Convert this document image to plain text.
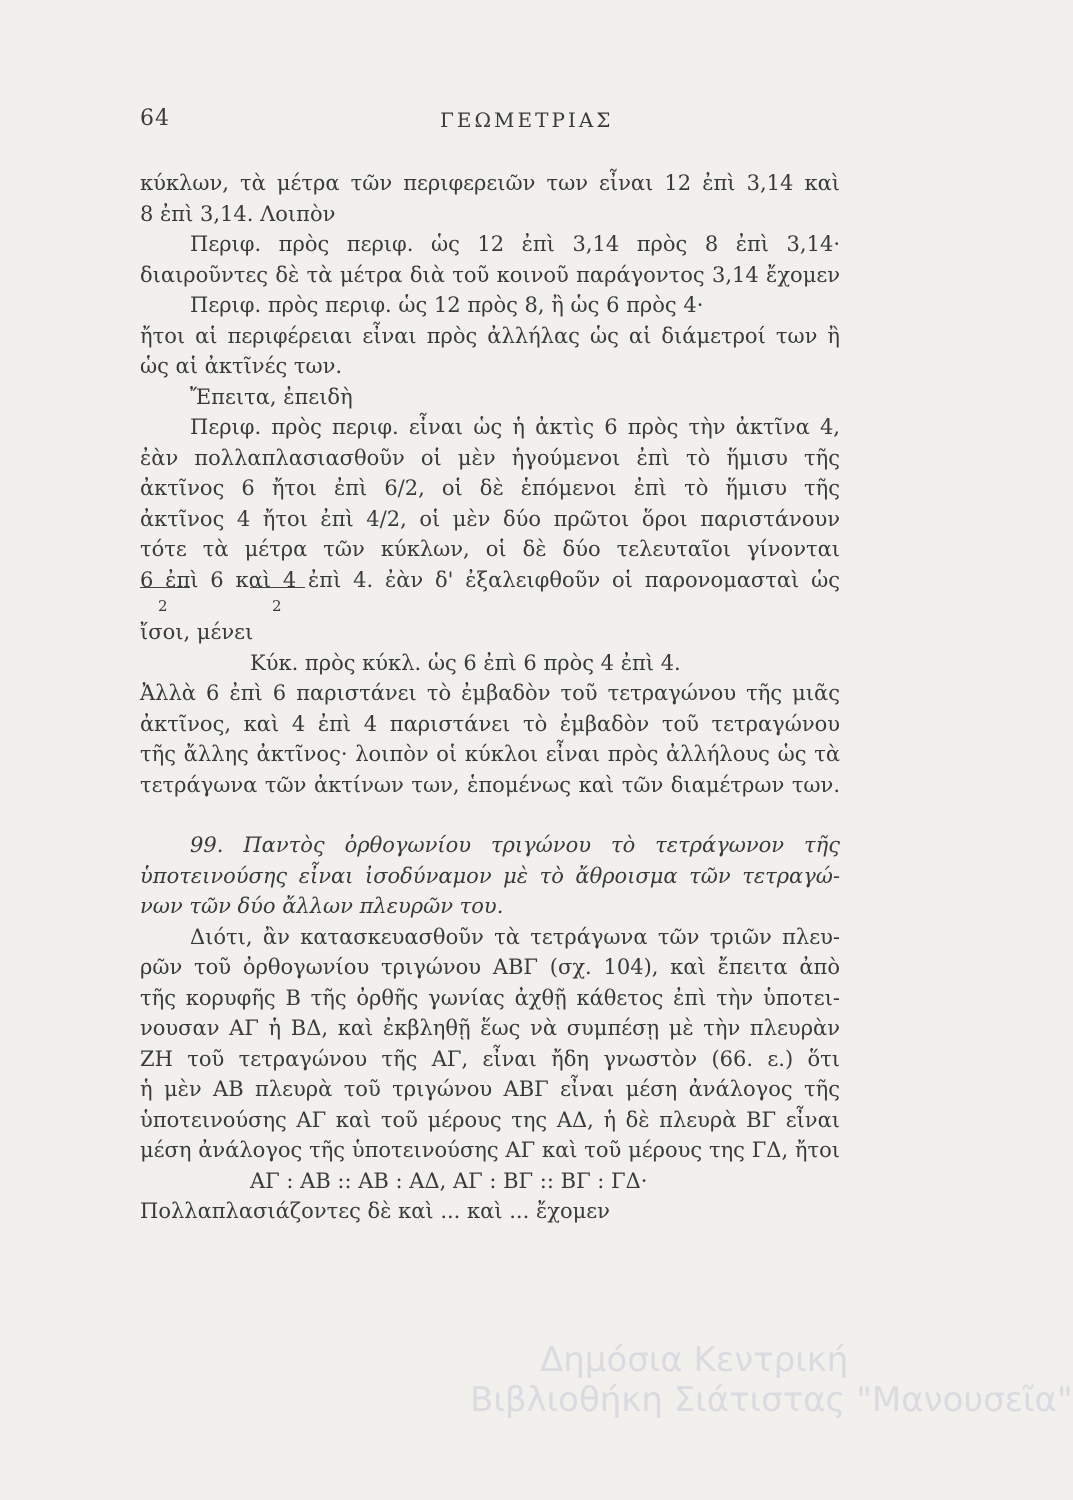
64	ΓΕΩΜΕΤΡΙΑΣ
κύκλων, τὰ μέτρα τῶν περιφερειῶν των εἶναι 12 ἐπὶ 3,14 καὶ
8 ἐπὶ 3,14. Λοιπὸν
Περιφ. πρὸς περιφ. ὡς 12 ἐπὶ 3,14 πρὸς 8 ἐπὶ 3,14·
διαιροῦντες δὲ τὰ μέτρα διὰ τοῦ κοινοῦ παράγοντος 3,14 ἔχομεν
Περιφ. πρὸς περιφ. ὡς 12 πρὸς 8, ἢ ὡς 6 πρὸς 4·
ἤτοι αἱ περιφέρειαι εἶναι πρὸς ἀλλήλας ὡς αἱ διάμετροί των ἢ
ὡς αἱ ἀκτῖνές των.
Ἔπειτα, ἐπειδὴ
Περιφ. πρὸς περιφ. εἶναι ὡς ἡ ἀκτὶς 6 πρὸς τὴν ἀκτῖνα 4,
ἐὰν πολλαπλασιασθοῦν οἱ μὲν ἡγούμενοι ἐπὶ τὸ ἥμισυ τῆς
ἀκτῖνος 6 ἤτοι ἐπὶ 6/2, οἱ δὲ ἑπόμενοι ἐπὶ τὸ ἥμισυ τῆς
ἀκτῖνος 4 ἤτοι ἐπὶ 4/2, οἱ μὲν δύο πρῶτοι ὅροι παριστάνουν
τότε τὰ μέτρα τῶν κύκλων, οἱ δὲ δύο τελευταῖοι γίνονται
6 ἐπὶ 6 καὶ 4 ἐπὶ 4. ἐὰν δ' ἐξαλειφθοῦν οἱ παρονομασταὶ ὡς
2	2
ἴσοι, μένει
Κύκ. πρὸς κύκλ. ὡς 6 ἐπὶ 6 πρὸς 4 ἐπὶ 4.
Ἀλλὰ 6 ἐπὶ 6 παριστάνει τὸ ἐμβαδὸν τοῦ τετραγώνου τῆς μιᾶς
ἀκτῖνος, καὶ 4 ἐπὶ 4 παριστάνει τὸ ἐμβαδὸν τοῦ τετραγώνου
τῆς ἄλλης ἀκτῖνος· λοιπὸν οἱ κύκλοι εἶναι πρὸς ἀλλήλους ὡς τὰ
τετράγωνα τῶν ἀκτίνων των, ἑπομένως καὶ τῶν διαμέτρων των.
99. Παντὸς ὀρθογωνίου τριγώνου τὸ τετράγωνον τῆς
ὑποτεινούσης εἶναι ἰσοδύναμον μὲ τὸ ἄθροισμα τῶν τετραγώ-
νων τῶν δύο ἄλλων πλευρῶν του.
Διότι, ἂν κατασκευασθοῦν τὰ τετράγωνα τῶν τριῶν πλευ-
ρῶν τοῦ ὀρθογωνίου τριγώνου ΑΒΓ (σχ. 104), καὶ ἔπειτα ἀπὸ
τῆς κορυφῆς Β τῆς ὀρθῆς γωνίας ἀχθῇ κάθετος ἐπὶ τὴν ὑποτει-
νουσαν ΑΓ ἡ ΒΔ, καὶ ἐκβληθῇ ἕως νὰ συμπέσῃ μὲ τὴν πλευρὰν
ΖΗ τοῦ τετραγώνου τῆς ΑΓ, εἶναι ἤδη γνωστὸν (66. ε.) ὅτι
ἡ μὲν ΑΒ πλευρὰ τοῦ τριγώνου ΑΒΓ εἶναι μέση ἀνάλογος τῆς
ὑποτεινούσης ΑΓ καὶ τοῦ μέρους της ΑΔ, ἡ δὲ πλευρὰ ΒΓ εἶναι
μέση ἀνάλογος τῆς ὑποτεινούσης ΑΓ καὶ τοῦ μέρους της ΓΔ, ἤτοι
ΑΓ : ΑΒ :: ΑΒ : ΑΔ, ΑΓ : ΒΓ :: ΒΓ : ΓΔ·
Πολλαπλασιάζοντες δὲ καὶ ... καὶ ... ἔχομεν
Δημόσια Κεντρική
Βιβλιοθήκη Σιάτιστας "Μανουσεῖα"
